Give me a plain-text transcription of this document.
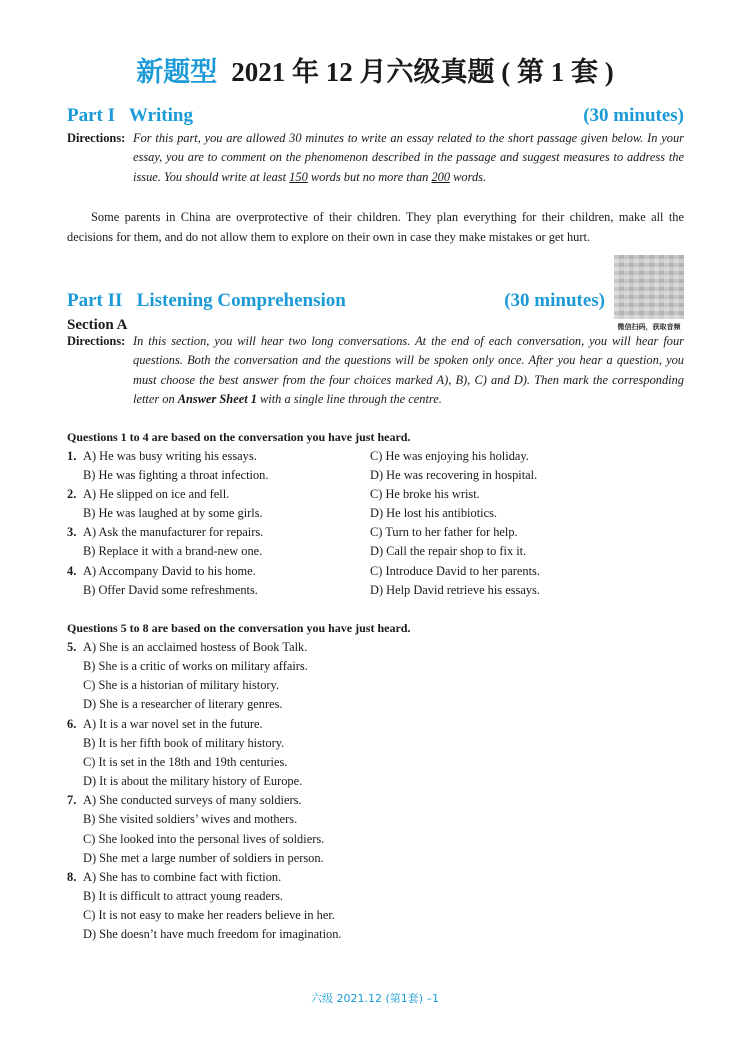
新题型 2021 年 12 月六级真题 ( 第 1 套 )
Part I   Writing	(30 minutes)
Directions: For this part, you are allowed 30 minutes to write an essay related to the short passage given below. In your essay, you are to comment on the phenomenon described in the passage and suggest measures to address the issue. You should write at least 150 words but no more than 200 words.
Some parents in China are overprotective of their children. They plan everything for their children, make all the decisions for them, and do not allow them to explore on their own in case they make mistakes or get hurt.
Part II   Listening Comprehension	(30 minutes)
微信扫码，获取音频
Section A
Directions: In this section, you will hear two long conversations. At the end of each conversation, you will hear four questions. Both the conversation and the questions will be spoken only once. After you hear a question, you must choose the best answer from the four choices marked A), B), C) and D). Then mark the corresponding letter on Answer Sheet 1 with a single line through the centre.
Questions 1 to 4 are based on the conversation you have just heard.
1. A) He was busy writing his essays.	C) He was enjoying his holiday.
B) He was fighting a throat infection.	D) He was recovering in hospital.
2. A) He slipped on ice and fell.	C) He broke his wrist.
B) He was laughed at by some girls.	D) He lost his antibiotics.
3. A) Ask the manufacturer for repairs.	C) Turn to her father for help.
B) Replace it with a brand-new one.	D) Call the repair shop to fix it.
4. A) Accompany David to his home.	C) Introduce David to her parents.
B) Offer David some refreshments.	D) Help David retrieve his essays.
Questions 5 to 8 are based on the conversation you have just heard.
5. A) She is an acclaimed hostess of Book Talk.
B) She is a critic of works on military affairs.
C) She is a historian of military history.
D) She is a researcher of literary genres.
6. A) It is a war novel set in the future.
B) It is her fifth book of military history.
C) It is set in the 18th and 19th centuries.
D) It is about the military history of Europe.
7. A) She conducted surveys of many soldiers.
B) She visited soldiers’ wives and mothers.
C) She looked into the personal lives of soldiers.
D) She met a large number of soldiers in person.
8. A) She has to combine fact with fiction.
B) It is difficult to attract young readers.
C) It is not easy to make her readers believe in her.
D) She doesn’t have much freedom for imagination.
六级 2021.12 (第1套) –1
